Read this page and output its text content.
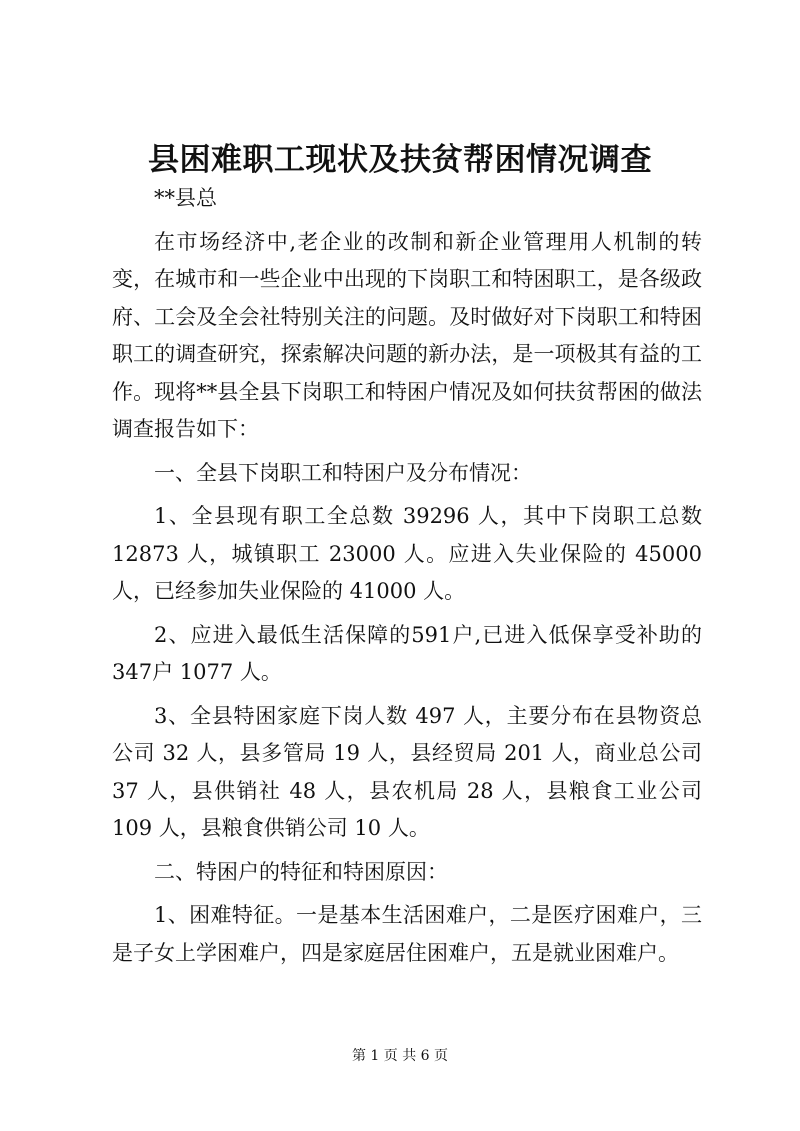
县困难职工现状及扶贫帮困情况调查

**县总

在市场经济中,老企业的改制和新企业管理用人机制的转变，在城市和一些企业中出现的下岗职工和特困职工，是各级政府、工会及全会社特别关注的问题。及时做好对下岗职工和特困职工的调查研究，探索解决问题的新办法，是一项极其有益的工作。现将**县全县下岗职工和特困户情况及如何扶贫帮困的做法调查报告如下：

一、全县下岗职工和特困户及分布情况：

1、全县现有职工全总数 39296 人，其中下岗职工总数 12873 人，城镇职工 23000 人。应进入失业保险的 45000 人，已经参加失业保险的 41000 人。

2、应进入最低生活保障的591户,已进入低保享受补助的347户 1077 人。

3、全县特困家庭下岗人数 497 人，主要分布在县物资总公司 32 人，县多管局 19 人，县经贸局 201 人，商业总公司 37 人，县供销社 48 人，县农机局 28 人，县粮食工业公司 109 人，县粮食供销公司 10 人。

二、特困户的特征和特困原因：

1、困难特征。一是基本生活困难户，二是医疗困难户，三是子女上学困难户，四是家庭居住困难户，五是就业困难户。

第 1 页 共 6 页
